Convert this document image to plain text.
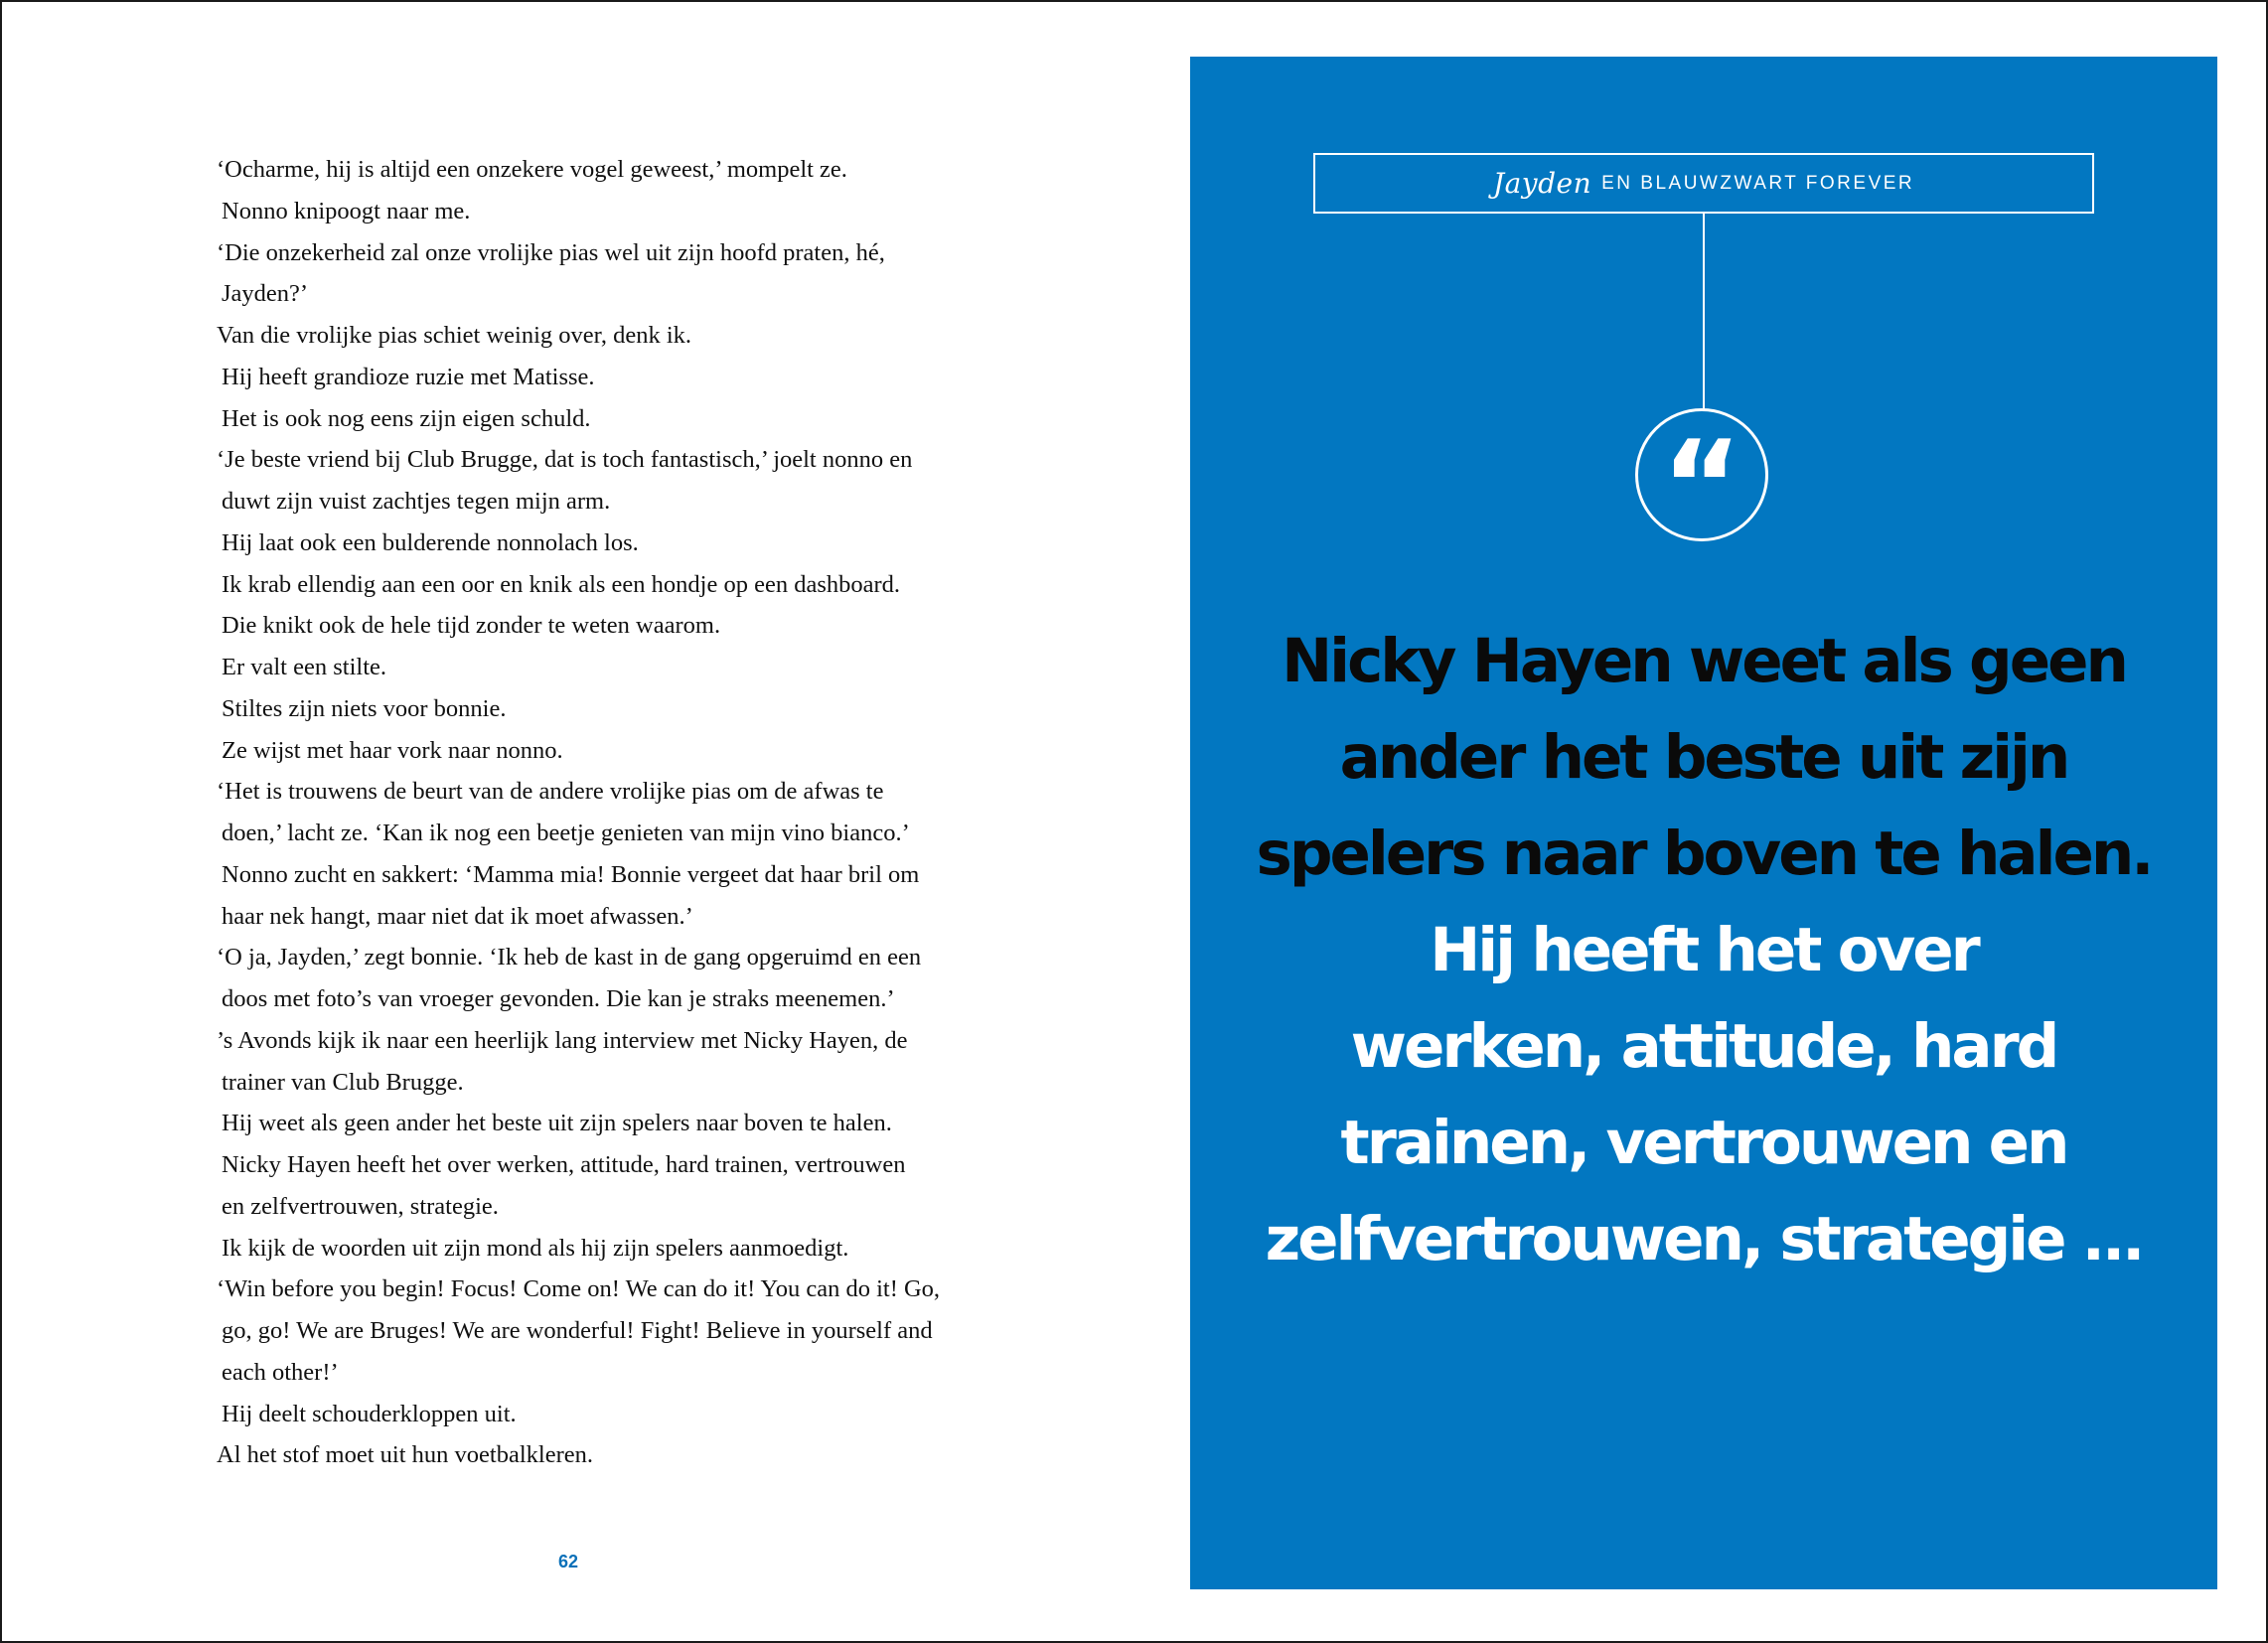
‘Ocharme, hij is altijd een onzekere vogel geweest,’ mompelt ze.
Nonno knipoogt naar me.
‘Die onzekerheid zal onze vrolijke pias wel uit zijn hoofd praten, hé,
Jayden?’
Van die vrolijke pias schiet weinig over, denk ik.
Hij heeft grandioze ruzie met Matisse.
Het is ook nog eens zijn eigen schuld.
‘Je beste vriend bij Club Brugge, dat is toch fantastisch,’ joelt nonno en
duwt zijn vuist zachtjes tegen mijn arm.
Hij laat ook een bulderende nonnolach los.
Ik krab ellendig aan een oor en knik als een hondje op een dashboard.
Die knikt ook de hele tijd zonder te weten waarom.
Er valt een stilte.
Stiltes zijn niets voor bonnie.
Ze wijst met haar vork naar nonno.
‘Het is trouwens de beurt van de andere vrolijke pias om de afwas te
doen,’ lacht ze. ‘Kan ik nog een beetje genieten van mijn vino bianco.’
Nonno zucht en sakkert: ‘Mamma mia! Bonnie vergeet dat haar bril om
haar nek hangt, maar niet dat ik moet afwassen.’
‘O ja, Jayden,’ zegt bonnie. ‘Ik heb de kast in de gang opgeruimd en een
doos met foto’s van vroeger gevonden. Die kan je straks meenemen.’
’s Avonds kijk ik naar een heerlijk lang interview met Nicky Hayen, de
trainer van Club Brugge.
Hij weet als geen ander het beste uit zijn spelers naar boven te halen.
Nicky Hayen heeft het over werken, attitude, hard trainen, vertrouwen
en zelfvertrouwen, strategie.
Ik kijk de woorden uit zijn mond als hij zijn spelers aanmoedigt.
‘Win before you begin! Focus! Come on! We can do it! You can do it! Go,
go, go! We are Bruges! We are wonderful! Fight! Believe in yourself and
each other!’
Hij deelt schouderkloppen uit.
Al het stof moet uit hun voetbalkleren.
62
Jayden EN BLAUWZWART FOREVER
“
Nicky Hayen weet als geen
ander het beste uit zijn
spelers naar boven te halen.
Hij heeft het over
werken, attitude, hard
trainen, vertrouwen en
zelfvertrouwen, strategie ...
